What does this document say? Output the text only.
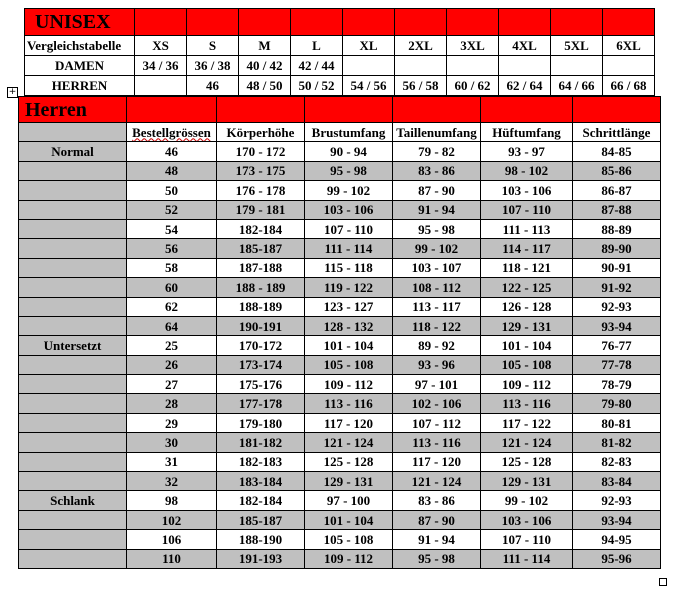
+
UNISEX										
Vergleichstabelle	XS	S	M	L	XL	2XL	3XL	4XL	5XL	6XL
DAMEN	34 / 36	36 / 38	40 / 42	42 / 44						
HERREN		46	48 / 50	50 / 52	54 / 56	56 / 58	60 / 62	62 / 64	64 / 66	66 / 68
Herren						
	Bestellgrössen	Körperhöhe	Brustumfang	Taillenumfang	Hüftumfang	Schrittlänge
Normal	46	170 - 172	90 - 94	79 - 82	93 - 97	84-85
	48	173 - 175	95 - 98	83 - 86	98 - 102	85-86
	50	176 - 178	99 - 102	87 - 90	103 - 106	86-87
	52	179 - 181	103 - 106	91 - 94	107 - 110	87-88
	54	182-184	107 - 110	95 - 98	111 - 113	88-89
	56	185-187	111 - 114	99 - 102	114 - 117	89-90
	58	187-188	115 - 118	103 - 107	118 - 121	90-91
	60	188 - 189	119 - 122	108 - 112	122 - 125	91-92
	62	188-189	123 - 127	113 - 117	126 - 128	92-93
	64	190-191	128 - 132	118 - 122	129 - 131	93-94
Untersetzt	25	170-172	101 - 104	89 - 92	101 - 104	76-77
	26	173-174	105 - 108	93 - 96	105 - 108	77-78
	27	175-176	109 - 112	97 - 101	109 - 112	78-79
	28	177-178	113 - 116	102 - 106	113 - 116	79-80
	29	179-180	117 - 120	107 - 112	117 - 122	80-81
	30	181-182	121 - 124	113 - 116	121 - 124	81-82
	31	182-183	125 - 128	117 - 120	125 - 128	82-83
	32	183-184	129 - 131	121 - 124	129 - 131	83-84
Schlank	98	182-184	97 - 100	83 - 86	99 - 102	92-93
	102	185-187	101 - 104	87 - 90	103 - 106	93-94
	106	188-190	105 - 108	91 - 94	107 - 110	94-95
	110	191-193	109 - 112	95 - 98	111 - 114	95-96
